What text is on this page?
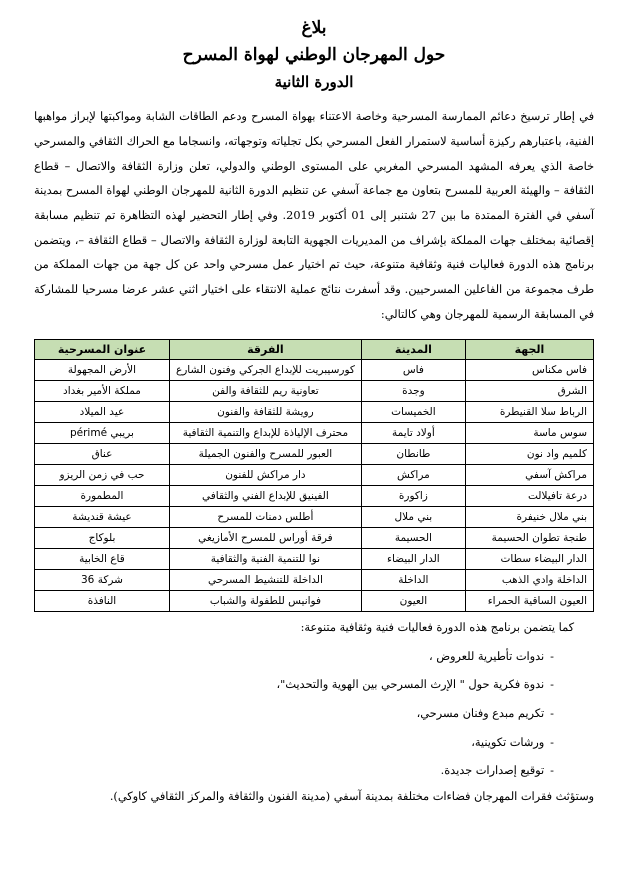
بلاغ
حول المهرجان الوطني لهواة المسرح
الدورة الثانية

في إطار ترسيخ دعائم الممارسة المسرحية وخاصة الاعتناء بهواة المسرح ودعم الطاقات الشابة ومواكبتها لإبراز مواهبها الفنية، باعتبارهم ركيزة أساسية لاستمرار الفعل المسرحي بكل تجلياته وتوجهاته، وانسجاما مع الحراك الثقافي والمسرحي خاصة الذي يعرفه المشهد المسرحي المغربي على المستوى الوطني والدولي، تعلن وزارة الثقافة والاتصال – قطاع الثقافة – والهيئة العربية للمسرح بتعاون مع جماعة آسفي عن تنظيم الدورة الثانية للمهرجان الوطني لهواة المسرح بمدينة آسفي في الفترة الممتدة ما بين 27 شتنبر إلى 01 أكتوبر 2019. وفي إطار التحضير لهذه التظاهرة تم تنظيم مسابقة إقصائية بمختلف جهات المملكة بإشراف من المديريات الجهوية التابعة لوزارة الثقافة والاتصال – قطاع الثقافة –، ويتضمن برنامج هذه الدورة فعاليات فنية وثقافية متنوعة، حيث تم اختيار عمل مسرحي واحد عن كل جهة من جهات المملكة من طرف مجموعة من الفاعلين المسرحيين. وقد أسفرت نتائج عملية الانتقاء على اختيار اثني عشر عرضا مسرحيا للمشاركة في المسابقة الرسمية للمهرجان وهي كالتالي:

الجهة	المدينة	الفرقة	عنوان المسرحية
فاس مكناس	فاس	كورسيبريت للإبداع الجركي وفنون الشارع	الأرض المجهولة
الشرق	وجدة	تعاونية ريم للثقافة والفن	مملكة الأمير بغداد
الرباط سلا القنيطرة	الخميسات	رويشة للثقافة والفنون	عيد الميلاد
سوس ماسة	أولاد تايمة	محترف الإلياذة للإبداع والتنمية الثقافية	بريبي périmé
كلميم واد نون	طانطان	العبور للمسرح والفنون الجميلة	عناق
مراكش آسفي	مراكش	دار مراكش للفنون	حب في زمن الريزو
درعة تافيلالت	زاكورة	الفينيق للإبداع الفني والثقافي	المطمورة
بني ملال خنيفرة	بني ملال	أطلس دمنات للمسرح	عيشة قنديشة
طنجة تطوان الحسيمة	الحسيمة	فرقة أوراس للمسرح الأمازيغي	بلوكاج
الدار البيضاء سطات	الدار البيضاء	نوا للتنمية الفنية والثقافية	قاع الخابية
الداخلة وادي الذهب	الداخلة	الداخلة للتنشيط المسرحي	شركة 36
العيون الساقية الحمراء	العيون	فوانيس للطفولة والشباب	النافذة
كما يتضمن برنامج هذه الدورة فعاليات فنية وثقافية متنوعة:
-ندوات تأطيرية للعروض ،
-ندوة فكرية حول " الإرث المسرحي بين الهوية والتحديث"،
-تكريم مبدع وفنان مسرحي،
-ورشات تكوينية،
-توقيع إصدارات جديدة.
وستؤثث فقرات المهرجان فضاءات مختلفة بمدينة آسفي (مدينة الفنون والثقافة والمركز الثقافي كاوكي).
